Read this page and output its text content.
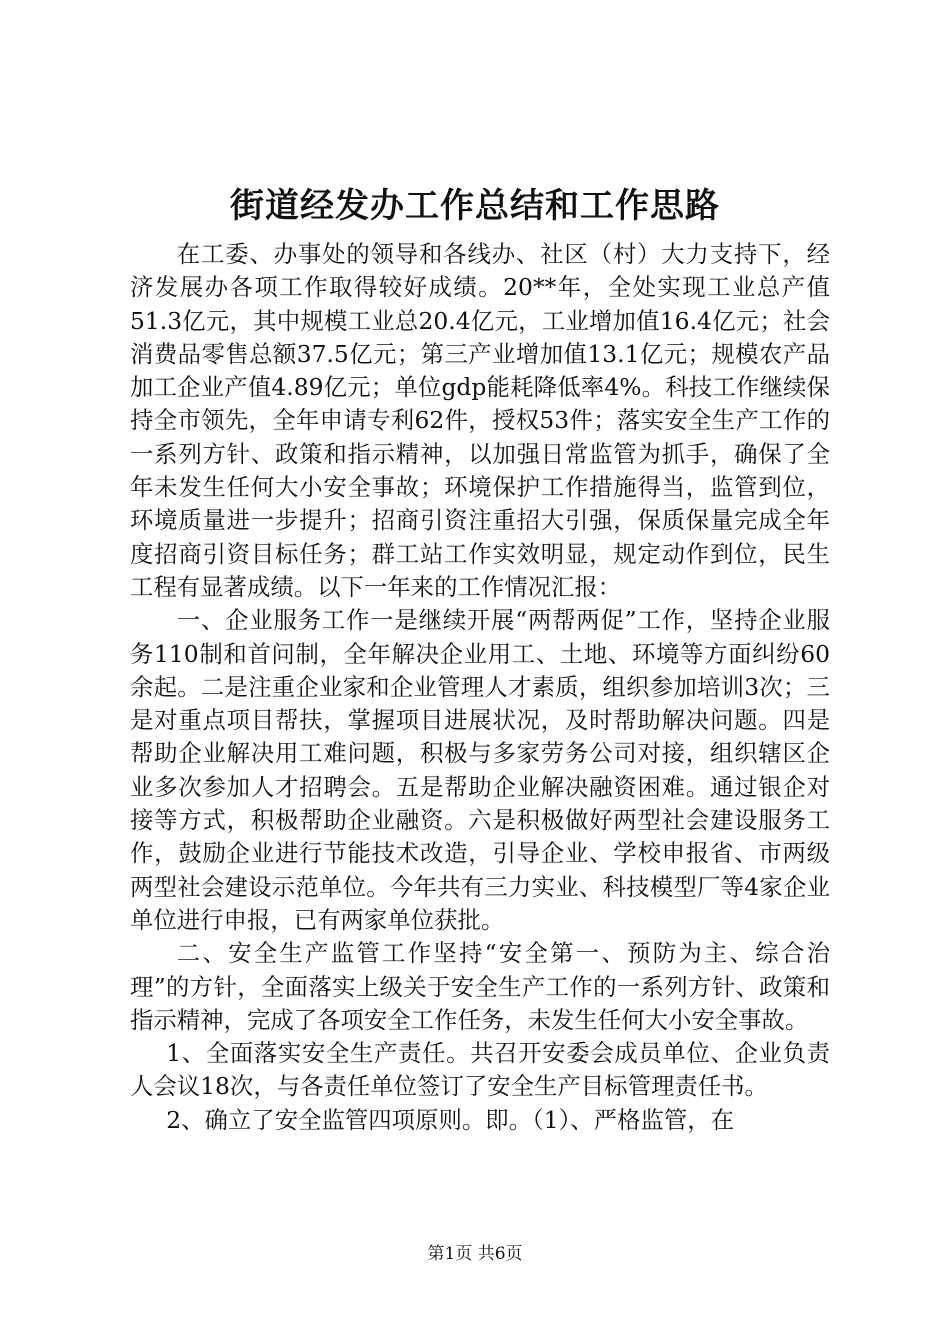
街道经发办工作总结和工作思路

在工委、办事处的领导和各线办、社区（村）大力支持下，经济发展办各项工作取得较好成绩。20**年，全处实现工业总产值51.3亿元，其中规模工业总20.4亿元，工业增加值16.4亿元；社会消费品零售总额37.5亿元；第三产业增加值13.1亿元；规模农产品加工企业产值4.89亿元；单位gdp能耗降低率4%。科技工作继续保持全市领先，全年申请专利62件，授权53件；落实安全生产工作的一系列方针、政策和指示精神，以加强日常监管为抓手，确保了全年未发生任何大小安全事故；环境保护工作措施得当，监管到位，环境质量进一步提升；招商引资注重招大引强，保质保量完成全年度招商引资目标任务；群工站工作实效明显，规定动作到位，民生工程有显著成绩。以下一年来的工作情况汇报：

一、企业服务工作一是继续开展“两帮两促”工作，坚持企业服务110制和首问制，全年解决企业用工、土地、环境等方面纠纷60余起。二是注重企业家和企业管理人才素质，组织参加培训3次；三是对重点项目帮扶，掌握项目进展状况，及时帮助解决问题。四是帮助企业解决用工难问题，积极与多家劳务公司对接，组织辖区企业多次参加人才招聘会。五是帮助企业解决融资困难。通过银企对接等方式，积极帮助企业融资。六是积极做好两型社会建设服务工作，鼓励企业进行节能技术改造，引导企业、学校申报省、市两级两型社会建设示范单位。今年共有三力实业、科技模型厂等4家企业单位进行申报，已有两家单位获批。

二、安全生产监管工作坚持“安全第一、预防为主、综合治理”的方针，全面落实上级关于安全生产工作的一系列方针、政策和指示精神，完成了各项安全工作任务，未发生任何大小安全事故。

1、全面落实安全生产责任。共召开安委会成员单位、企业负责人会议18次，与各责任单位签订了安全生产目标管理责任书。

2、确立了安全监管四项原则。即。（1）、严格监管，在

第1页 共6页
